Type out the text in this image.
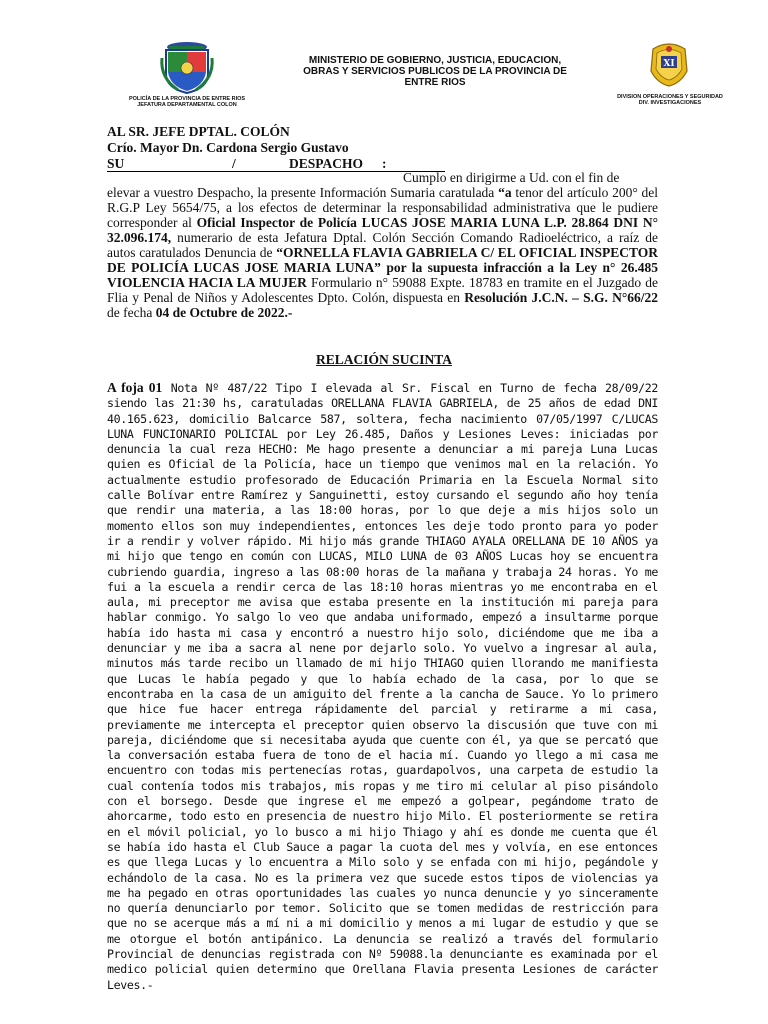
POLICÍA DE LA PROVINCIA DE ENTRE RIOS
JEFATURA DEPARTAMENTAL COLON
MINISTERIO DE GOBIERNO, JUSTICIA, EDUCACION,
OBRAS Y SERVICIOS PUBLICOS DE LA PROVINCIA DE
ENTRE RIOS
XI
DIVISION OPERACIONES Y SEGURIDAD
DIV. INVESTIGACIONES
AL SR. JEFE DPTAL. COLÓN
Crío. Mayor Dn. Cardona Sergio Gustavo
SU	/	DESPACHO :
Cumplo en dirigirme a Ud. con el fin de
elevar a vuestro Despacho, la presente Información Sumaria caratulada “a tenor del artículo 200° del R.G.P Ley 5654/75, a los efectos de determinar la responsabilidad administrativa que le pudiere corresponder al Oficial Inspector de Policía LUCAS JOSE MARIA LUNA L.P. 28.864 DNI N° 32.096.174, numerario de esta Jefatura Dptal. Colón Sección Comando Radioeléctrico, a raíz de autos caratulados Denuncia de “ORNELLA FLAVIA GABRIELA C/ EL OFICIAL INSPECTOR DE POLICÍA LUCAS JOSE MARIA LUNA” por la supuesta infracción a la Ley n° 26.485 VIOLENCIA HACIA LA MUJER Formulario n° 59088 Expte. 18783 en tramite en el Juzgado de Flia y Penal de Niños y Adolescentes Dpto. Colón, dispuesta en Resolución J.C.N. – S.G. N°66/22 de fecha 04 de Octubre de 2022.-
RELACIÓN SUCINTA
A foja 01 Nota Nº 487/22 Tipo I elevada al Sr. Fiscal en Turno de fecha 28/09/22 siendo las 21:30 hs, caratuladas ORELLANA FLAVIA GABRIELA, de 25 años de edad DNI 40.165.623, domicilio Balcarce 587, soltera, fecha nacimiento 07/05/1997 C/LUCAS LUNA FUNCIONARIO POLICIAL por Ley 26.485, Daños y Lesiones Leves: iniciadas por denuncia la cual reza HECHO: Me hago presente a denunciar a mi pareja Luna Lucas quien es Oficial de la Policía, hace un tiempo que venimos mal en la relación. Yo actualmente estudio profesorado de Educación Primaria en la Escuela Normal sito calle Bolívar entre Ramírez y Sanguinetti, estoy cursando el segundo año hoy tenía que rendir una materia, a las 18:00 horas, por lo que deje a mis hijos solo un momento ellos son muy independientes, entonces les deje todo pronto para yo poder ir a rendir y volver rápido. Mi hijo más grande THIAGO AYALA ORELLANA DE 10 AÑOS ya mi hijo que tengo en común con LUCAS, MILO LUNA de 03 AÑOS Lucas hoy se encuentra cubriendo guardia, ingreso a las 08:00 horas de la mañana y trabaja 24 horas. Yo me fui a la escuela a rendir cerca de las 18:10 horas mientras yo me encontraba en el aula, mi preceptor me avisa que estaba presente en la institución mi pareja para hablar conmigo. Yo salgo lo veo que andaba uniformado, empezó a insultarme porque había ido hasta mi casa y encontró a nuestro hijo solo, diciéndome que me iba a denunciar y me iba a sacra al nene por dejarlo solo. Yo vuelvo a ingresar al aula, minutos más tarde recibo un llamado de mi hijo THIAGO quien llorando me manifiesta que Lucas le había pegado y que lo había echado de la casa, por lo que se encontraba en la casa de un amiguito del frente a la cancha de Sauce. Yo lo primero que hice fue hacer entrega rápidamente del parcial y retirarme a mi casa, previamente me intercepta el preceptor quien observo la discusión que tuve con mi pareja, diciéndome que si necesitaba ayuda que cuente con él, ya que se percató que la conversación estaba fuera de tono de el hacia mí. Cuando yo llego a mi casa me encuentro con todas mis pertenecías rotas, guardapolvos, una carpeta de estudio la cual contenía todos mis trabajos, mis ropas y me tiro mi celular al piso pisándolo con el borsego. Desde que ingrese el me empezó a golpear, pegándome trato de ahorcarme, todo esto en presencia de nuestro hijo Milo. El posteriormente se retira en el móvil policial, yo lo busco a mi hijo Thiago y ahí es donde me cuenta que él se había ido hasta el Club Sauce a pagar la cuota del mes y volvía, en ese entonces es que llega Lucas y lo encuentra a Milo solo y se enfada con mi hijo, pegándole y echándolo de la casa. No es la primera vez que sucede estos tipos de violencias ya me ha pegado en otras oportunidades las cuales yo nunca denuncie y yo sinceramente no quería denunciarlo por temor. Solicito que se tomen medidas de restricción para que no se acerque más a mí ni a mi domicilio y menos a mi lugar de estudio y que se me otorgue el botón antipánico. La denuncia se realizó a través del formulario Provincial de denuncias registrada con Nº 59088.la denunciante es examinada por el medico policial quien determino que Orellana Flavia presenta Lesiones de carácter Leves.-
